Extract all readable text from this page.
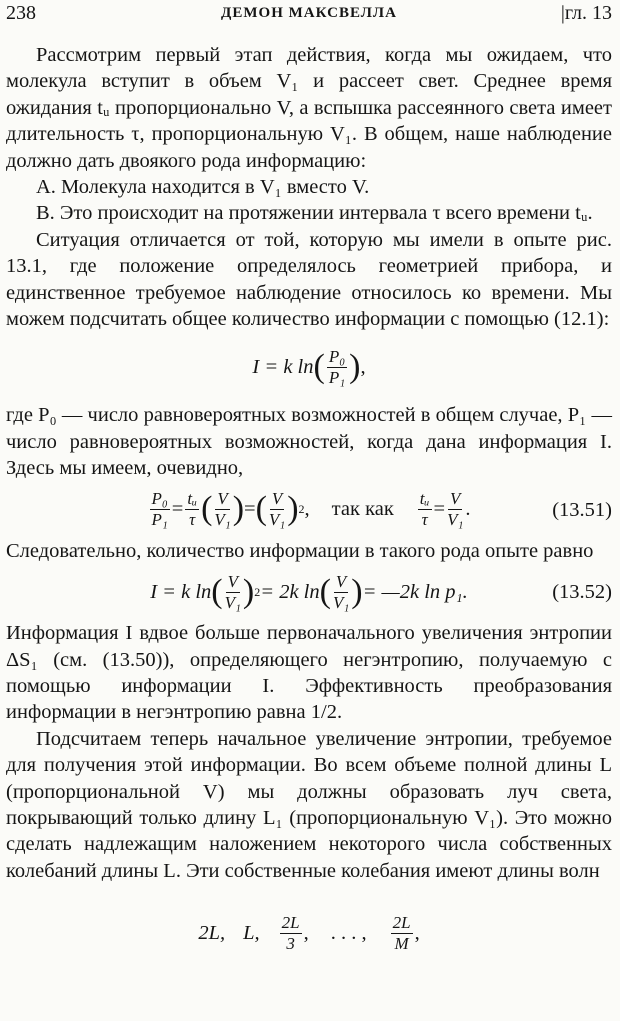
238	ДЕМОН МАКСВЕЛЛА	|гл. 13

Рассмотрим первый этап действия, когда мы ожидаем, что молекула вступит в объем V₁ и рассеет свет. Среднее время ожидания tᵤ пропорционально V, а вспышка рассеянного света имеет длительность τ, пропорциональную V₁. В общем, наше наблюдение должно дать двоякого рода информацию:

А. Молекула находится в V₁ вместо V.

В. Это происходит на протяжении интервала τ всего времени tᵤ.

Ситуация отличается от той, которую мы имели в опыте рис. 13.1, где положение определялось геометрией прибора, и единственное требуемое наблюдение относилось ко времени. Мы можем подсчитать общее количество информации с помощью (12.1):

I = k ln ( $\frac{\text{P₀}}{\text{P₁}}$ ) ,

где P₀ — число равновероятных возможностей в общем случае, P₁ — число равновероятных возможностей, когда дана информация I. Здесь мы имеем, очевидно,

$\frac{\text{P₀}}{\text{P₁}} = \frac{\text{tᵤ}}{\tau}$ ( $\frac{V}{\text{V₁}}$ ) = ( $\frac{V}{\text{V₁}}$ ) 2 ,	так как	$\frac{\text{tᵤ}}{\tau} = \frac{V}{\text{V₁}}$ .	(13.51)

Следовательно, количество информации в такого рода опыте равно

I = k ln ( $\frac{V}{\text{V₁}}$ ) 2 = 2k ln ( $\frac{V}{\text{V₁}}$ ) = —2k ln p₁.	(13.52)

Информация I вдвое больше первоначального увеличения энтропии ΔS₁ (см. (13.50)), определяющего негэнтропию, получаемую с помощью информации I. Эффективность преобразования информации в негэнтропию равна 1/2.

Подсчитаем теперь начальное увеличение энтропии, требуемое для получения этой информации. Во всем объеме полной длины L (пропорциональной V) мы должны образовать луч света, покрывающий только длину L₁ (пропорциональную V₁). Это можно сделать надлежащим наложением некоторого числа собственных колебаний длины L. Эти собственные колебания имеют длины волн

2L, L, $\frac{2L}{3}$ , . . . , $\frac{2L}{M}$ ,
